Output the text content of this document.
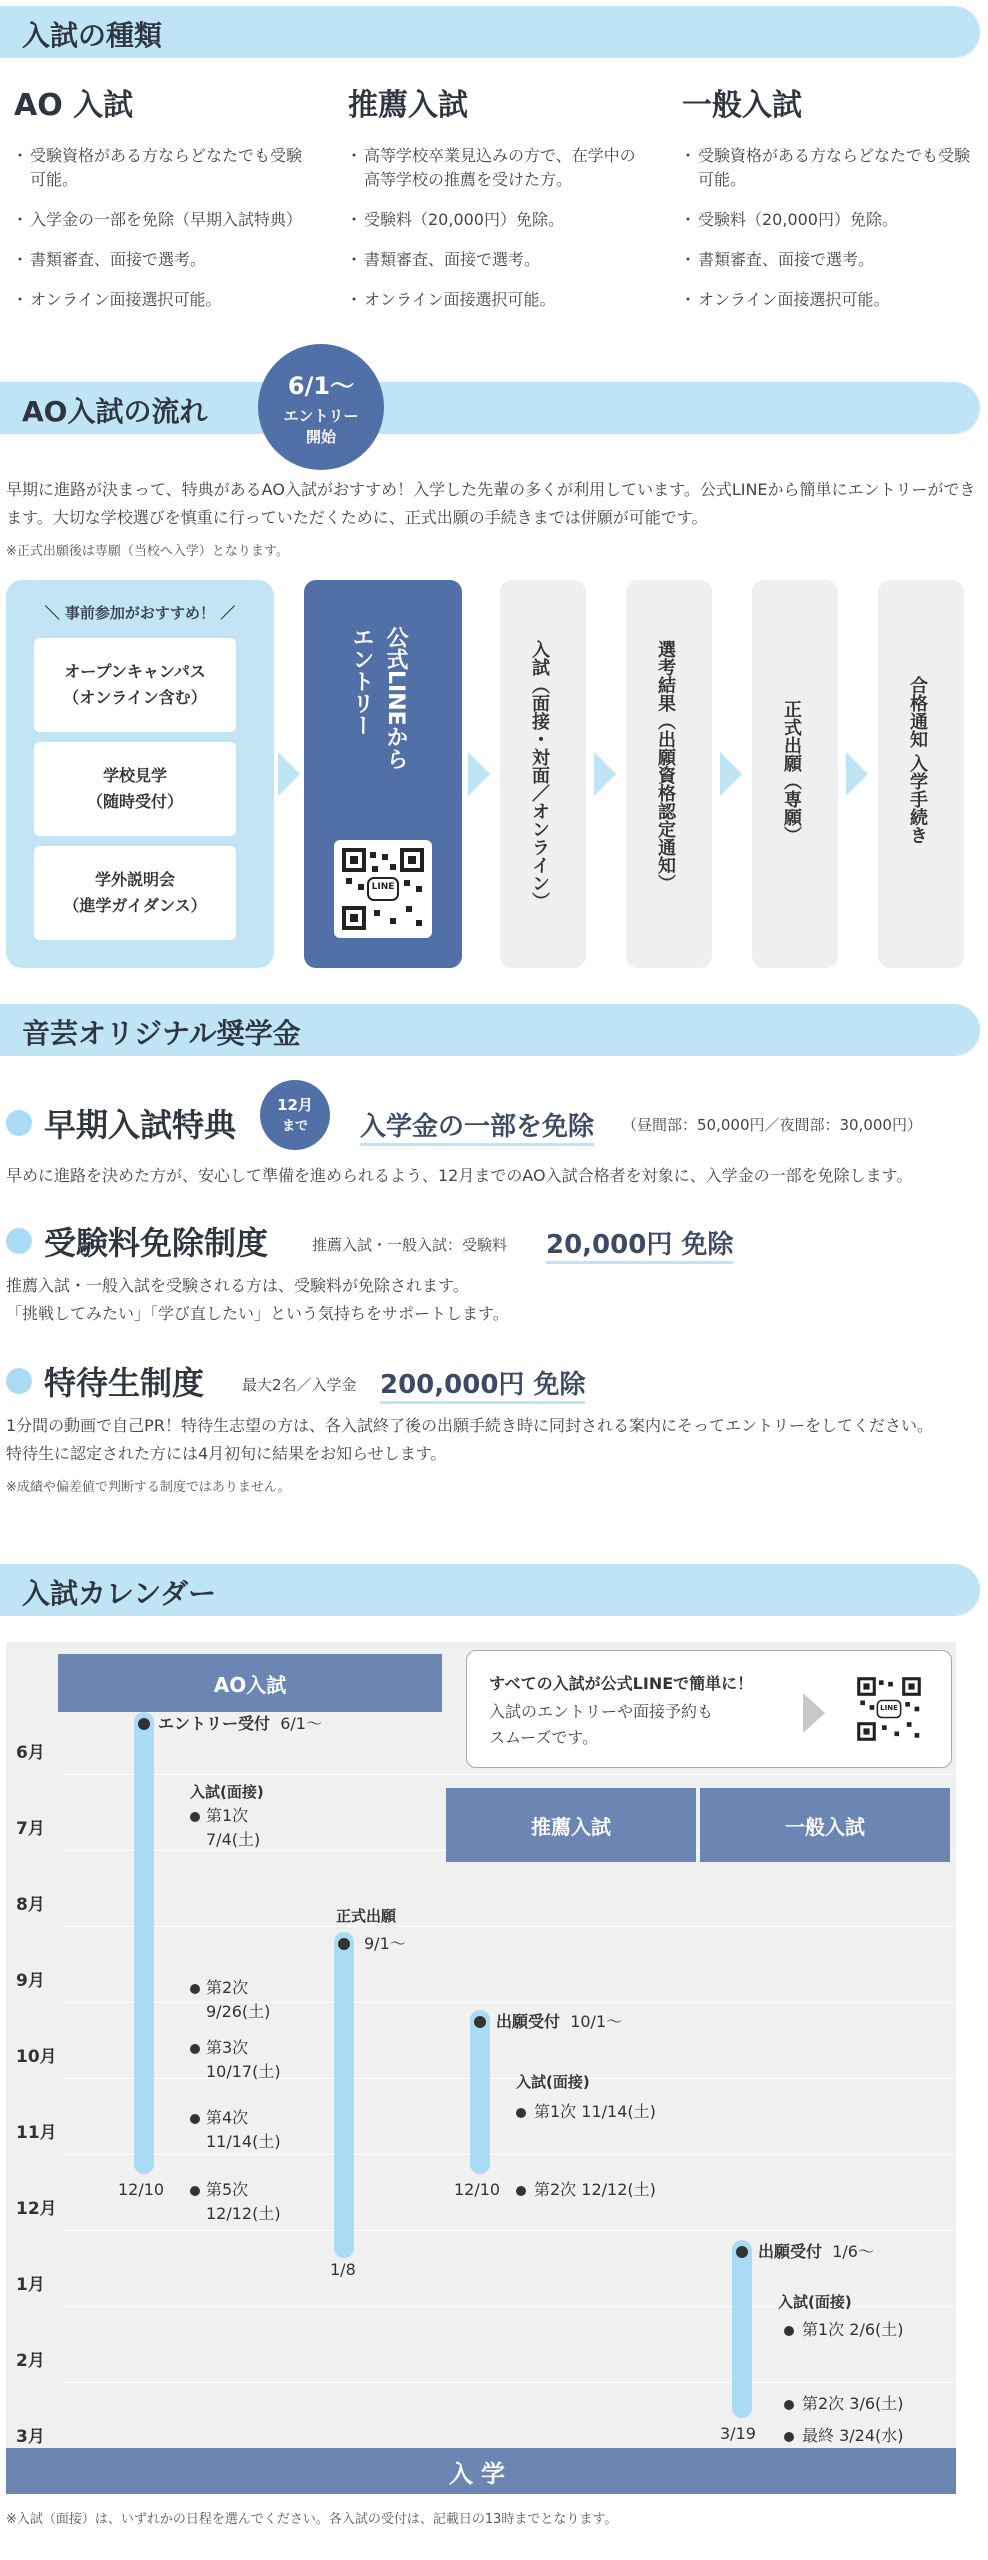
入試の種類
AO 入試
・ 受験資格がある方ならどなたでも受験可能。
・ 入学金の一部を免除（早期入試特典）
・ 書類審査、面接で選考。
・ オンライン面接選択可能。
推薦入試
・ 高等学校卒業見込みの方で、在学中の高等学校の推薦を受けた方。
・ 受験料（20,000円）免除。
・ 書類審査、面接で選考。
・ オンライン面接選択可能。
一般入試
・ 受験資格がある方ならどなたでも受験可能。
・ 受験料（20,000円）免除。
・ 書類審査、面接で選考。
・ オンライン面接選択可能。
AO入試の流れ
6/1～
エントリー
開始
早期に進路が決まって、特典があるAO入試がおすすめ！入学した先輩の多くが利用しています。公式LINEから簡単にエントリーができます。大切な学校選びを慎重に行っていただくために、正式出願の手続きまでは併願が可能です。
※正式出願後は専願（当校へ入学）となります。
＼ 事前参加がおすすめ！ ／
オープンキャンパス
（オンライン含む）
学校見学
（随時受付）
学外説明会
（進学ガイダンス）
公式LINEから
エントリー
LINE	入試（面接・対面／オンライン）	選考結果（出願資格認定通知）	正式出願（専願）	合格通知 入学手続き
音芸オリジナル奨学金
早期入試特典
12月
まで	入学金の一部を免除 （昼間部：50,000円／夜間部：30,000円）
早めに進路を決めた方が、安心して準備を進められるよう、12月までのAO入試合格者を対象に、入学金の一部を免除します。
受験料免除制度	推薦入試・一般入試：受験料 20,000円 免除
推薦入試・一般入試を受験される方は、受験料が免除されます。
「挑戦してみたい」「学び直したい」という気持ちをサポートします。
特待生制度	最大2名／入学金 200,000円 免除
1分間の動画で自己PR！特待生志望の方は、各入試終了後の出願手続き時に同封される案内にそってエントリーをしてください。
特待生に認定された方には4月初旬に結果をお知らせします。
※成績や偏差値で判断する制度ではありません。
入試カレンダー
6月
7月
8月
9月
10月
11月
12月
1月
2月
3月
AO入試
推薦入試	一般入試
すべての入試が公式LINEで簡単に！
入試のエントリーや面接予約も
スムーズです。
LINE
エントリー受付 6/1～
12/10
入試(面接)
第1次
7/4(土)
第2次
9/26(土)
第3次
10/17(土)
第4次
11/14(土)
第5次
12/12(土)
正式出願
9/1～
1/8
出願受付 10/1～
12/10
入試(面接)
第1次 11/14(土)
第2次 12/12(土)
出願受付 1/6～
3/19
入試(面接)
第1次 2/6(土)
第2次 3/6(土)
最終 3/24(水)
入学
※入試（面接）は、いずれかの日程を選んでください。各入試の受付は、記載日の13時までとなります。
